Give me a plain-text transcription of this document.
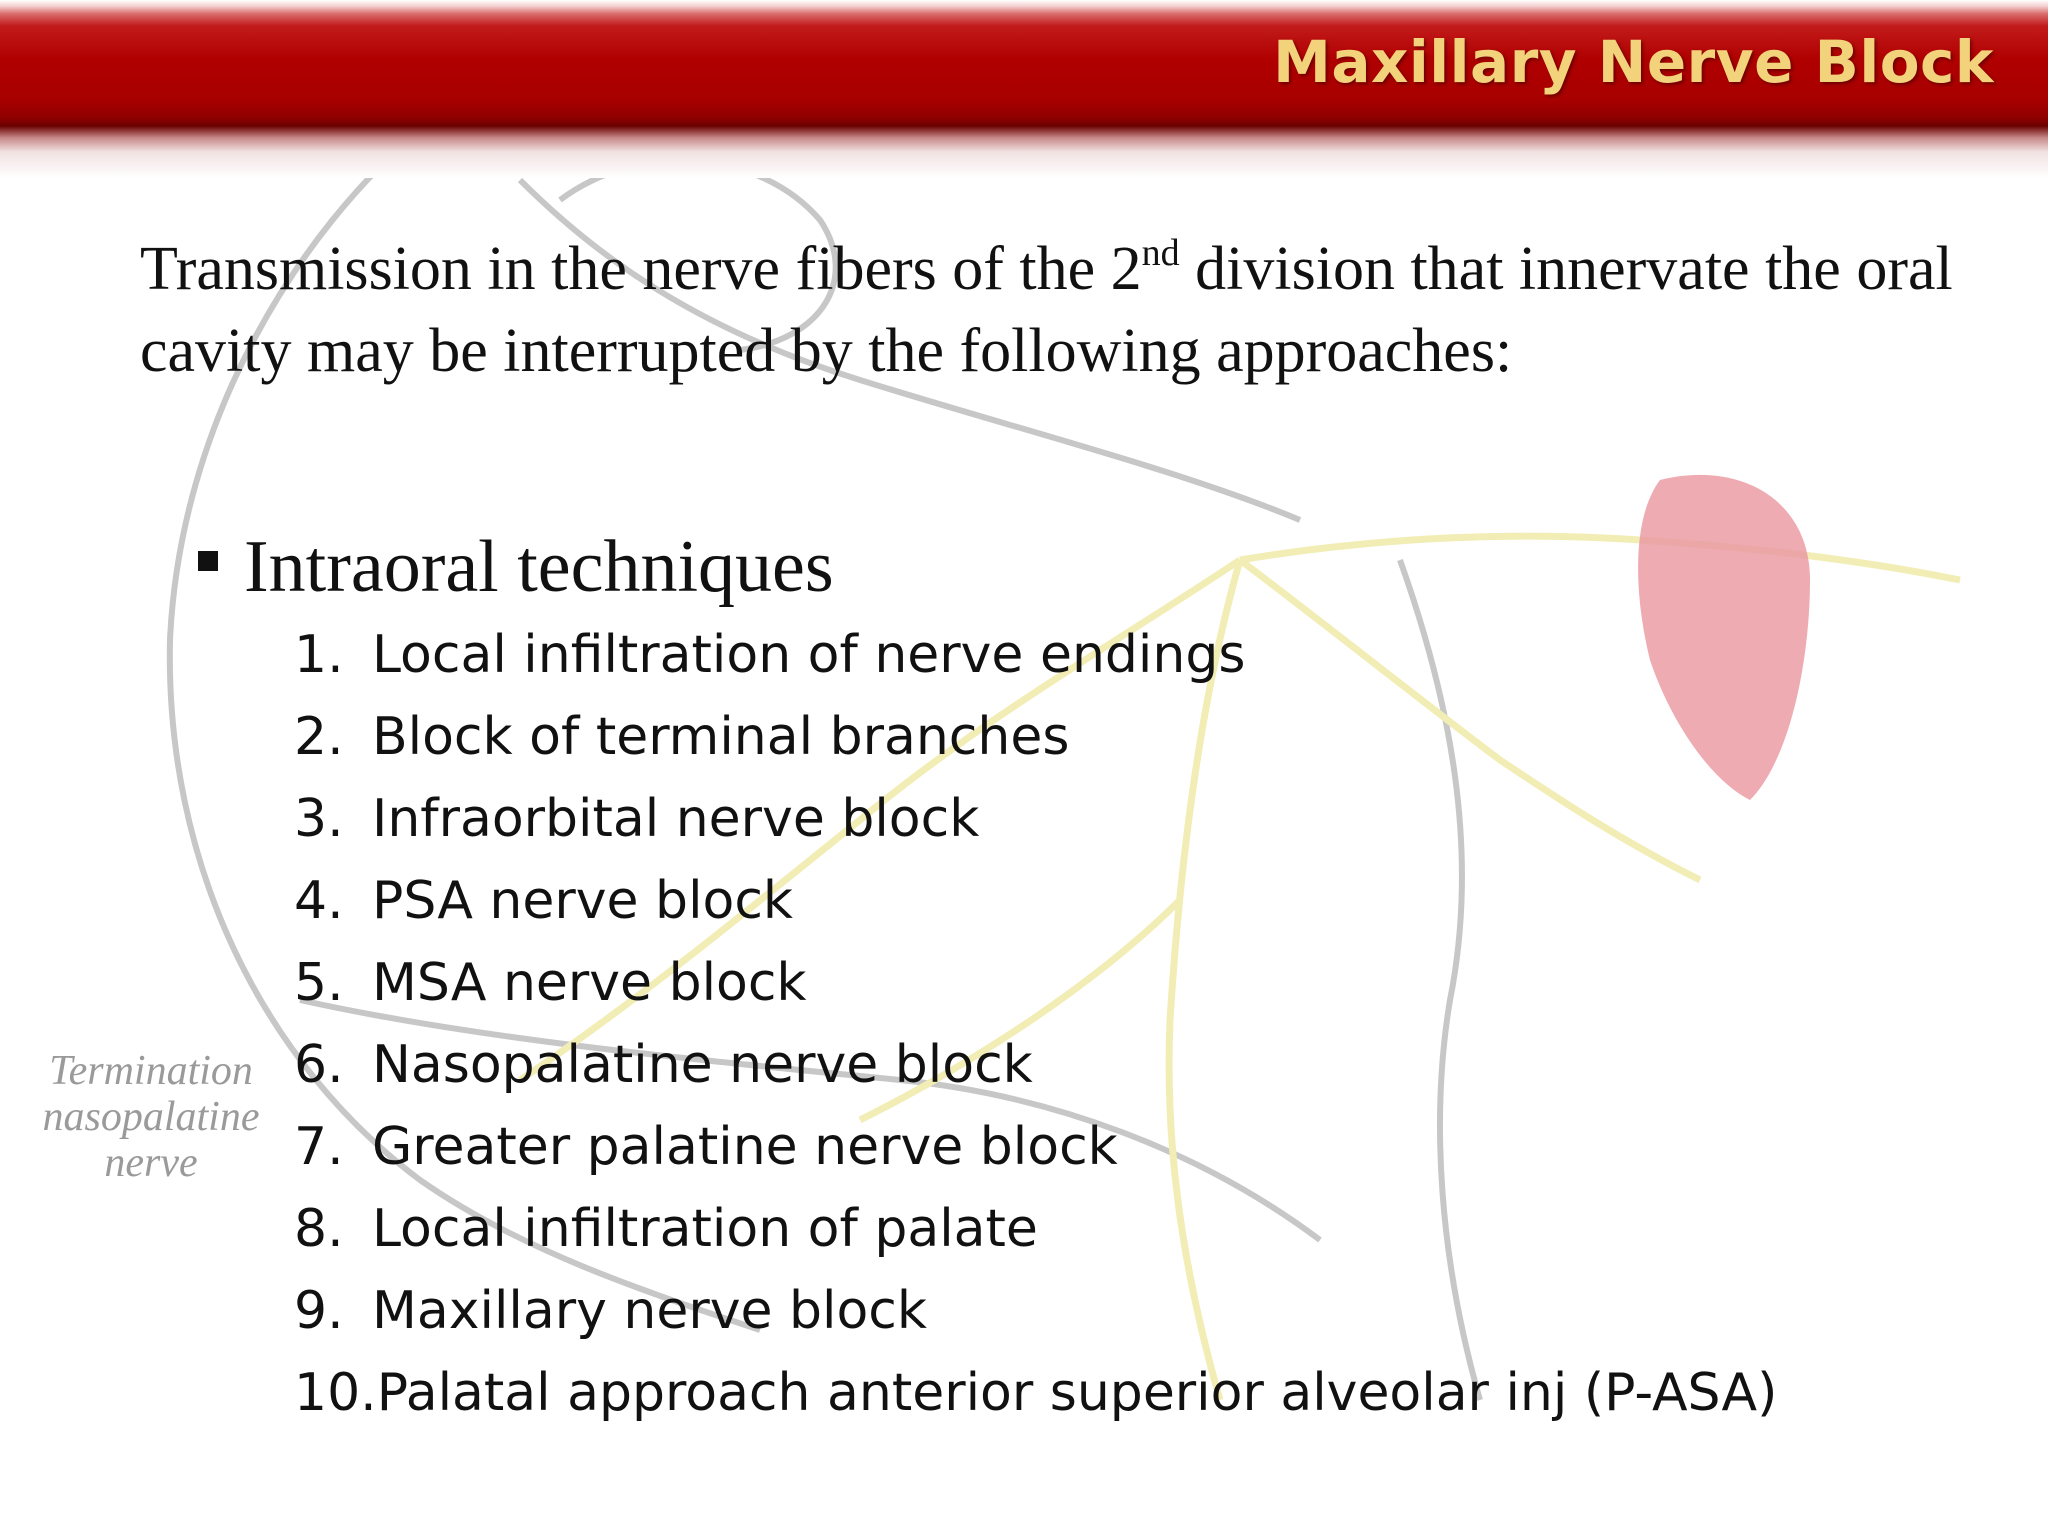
Termination
nasopalatine
nerve
Maxillary Nerve Block
Transmission in the nerve fibers of the 2nd division that innervate the oral cavity may be interrupted by the following approaches:
Intraoral techniques
1. Local infiltration of nerve endings
2. Block of terminal branches
3. Infraorbital nerve block
4. PSA nerve block
5. MSA nerve block
6. Nasopalatine nerve block
7. Greater palatine nerve block
8. Local infiltration of palate
9. Maxillary nerve block
10.Palatal approach anterior superior alveolar inj (P-ASA)
